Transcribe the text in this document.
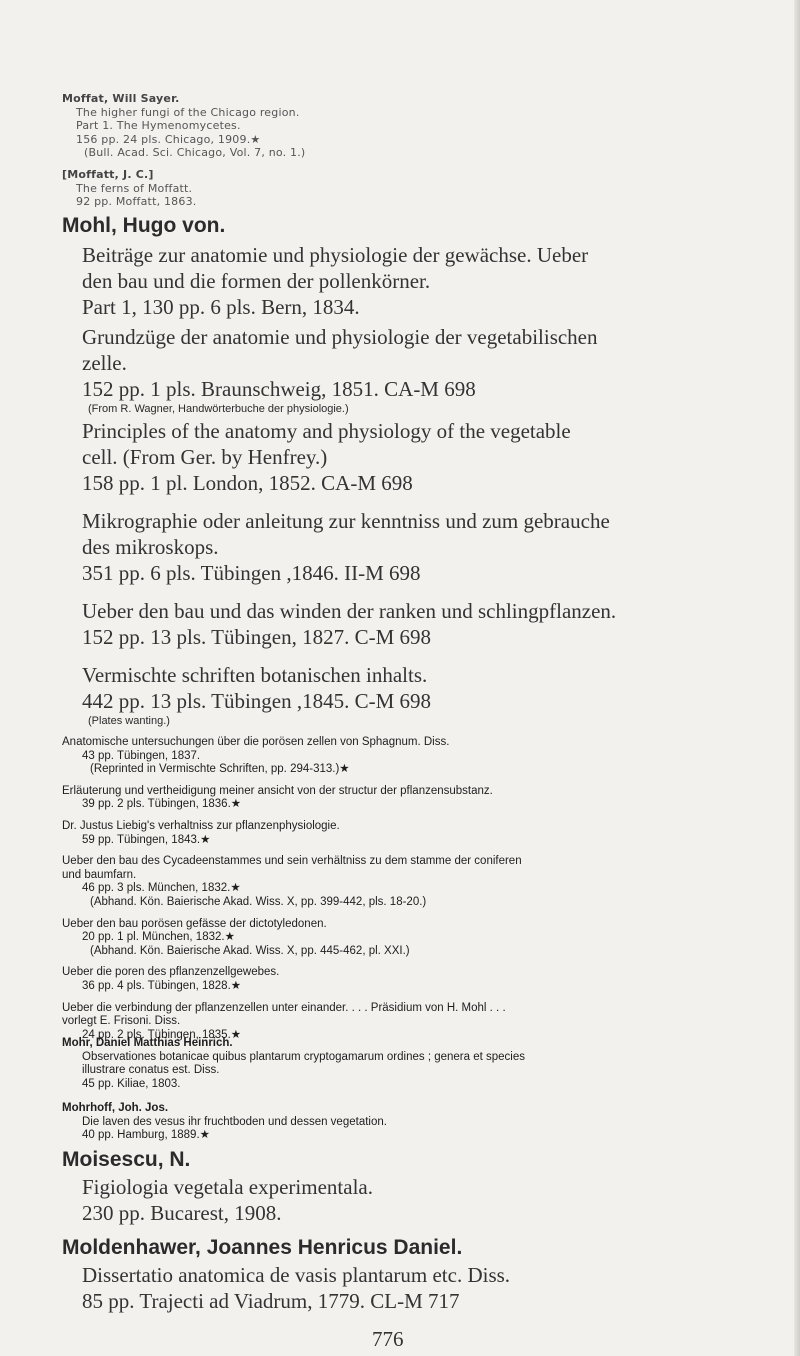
Moffat, Will Sayer.

The higher fungi of the Chicago region.

Part 1. The Hymenomycetes.

156 pp. 24 pls. Chicago, 1909.★

(Bull. Acad. Sci. Chicago, Vol. 7, no. 1.)

[Moffatt, J. C.]

The ferns of Moffatt.

92 pp. Moffatt, 1863.

Mohl, Hugo von.

Beiträge zur anatomie und physiologie der gewächse. Ueber

den bau und die formen der pollenkörner.

Part 1, 130 pp. 6 pls. Bern, 1834.

Grundzüge der anatomie und physiologie der vegetabilischen

zelle.

152 pp. 1 pls. Braunschweig, 1851. CA-M 698

(From R. Wagner, Handwörterbuche der physiologie.)

Principles of the anatomy and physiology of the vegetable

cell. (From Ger. by Henfrey.)

158 pp. 1 pl. London, 1852. CA-M 698

Mikrographie oder anleitung zur kenntniss und zum gebrauche

des mikroskops.

351 pp. 6 pls. Tübingen ,1846. II-M 698

Ueber den bau und das winden der ranken und schlingpflanzen.

152 pp. 13 pls. Tübingen, 1827. C-M 698

Vermischte schriften botanischen inhalts.

442 pp. 13 pls. Tübingen ,1845. C-M 698

(Plates wanting.)

Anatomische untersuchungen über die porösen zellen von Sphagnum. Diss.

43 pp. Tübingen, 1837.

(Reprinted in Vermischte Schriften, pp. 294-313.)★

Erläuterung und vertheidigung meiner ansicht von der structur der pflanzensubstanz.

39 pp. 2 pls. Tübingen, 1836.★

Dr. Justus Liebig's verhaltniss zur pflanzenphysiologie.

59 pp. Tübingen, 1843.★

Ueber den bau des Cycadeenstammes und sein verhältniss zu dem stamme der coniferen

und baumfarn.

46 pp. 3 pls. München, 1832.★

(Abhand. Kön. Baierische Akad. Wiss. X, pp. 399-442, pls. 18-20.)

Ueber den bau porösen gefässe der dictotyledonen.

20 pp. 1 pl. München, 1832.★

(Abhand. Kön. Baierische Akad. Wiss. X, pp. 445-462, pl. XXI.)

Ueber die poren des pflanzenzellgewebes.

36 pp. 4 pls. Tübingen, 1828.★

Ueber die verbindung der pflanzenzellen unter einander. . . . Präsidium von H. Mohl . . .

vorlegt E. Frisoni. Diss.

24 pp. 2 pls. Tübingen, 1835.★

Mohr, Daniel Matthias Heinrich.

Observationes botanicae quibus plantarum cryptogamarum ordines ; genera et species

illustrare conatus est. Diss.

45 pp. Kiliae, 1803.

Mohrhoff, Joh. Jos.

Die laven des vesus ihr fruchtboden und dessen vegetation.

40 pp. Hamburg, 1889.★

Moisescu, N.

Figiologia vegetala experimentala.

230 pp. Bucarest, 1908.

Moldenhawer, Joannes Henricus Daniel.

Dissertatio anatomica de vasis plantarum etc. Diss.

85 pp. Trajecti ad Viadrum, 1779. CL-M 717

776
